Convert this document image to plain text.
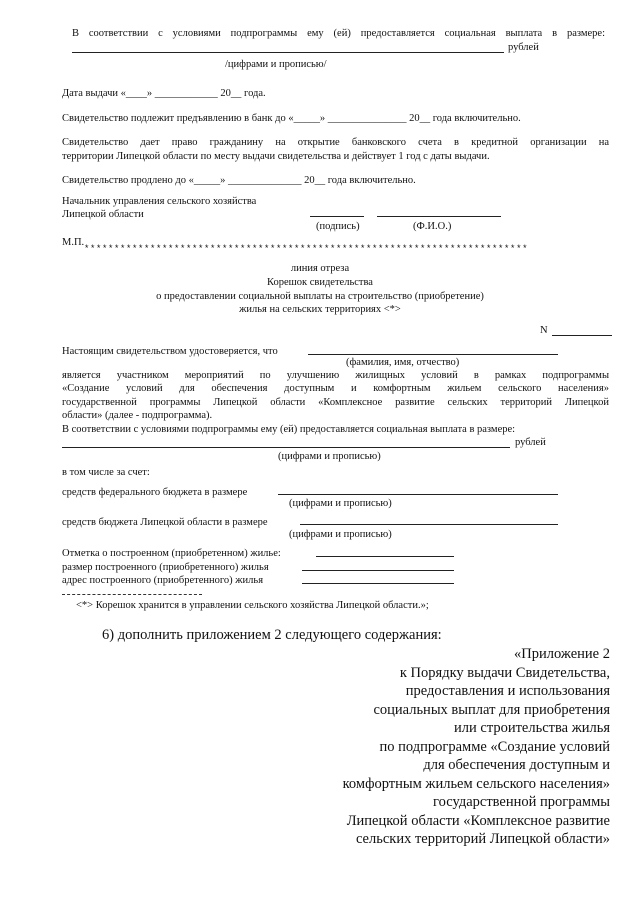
В соответствии с условиями подпрограммы ему (ей) предоставляется социальная выплата в размере:
рублей
/цифрами и прописью/
Дата выдачи «____» ____________ 20__ года.
Свидетельство подлежит предъявлению в банк до «_____» _______________ 20__ года включительно.
Свидетельство дает право гражданину на открытие банковского счета в кредитной организации на
территории Липецкой области по месту выдачи свидетельства и действует 1 год с даты выдачи.
Свидетельство продлено до «_____» ______________ 20__ года включительно.
Начальник управления сельского хозяйства
Липецкой области
(подпись)	(Ф.И.О.)
М.П.
**************************************************************************
линия отреза
Корешок свидетельства
о предоставлении социальной выплаты на строительство (приобретение)
жилья на сельских территориях <*>
N
Настоящим свидетельством удостоверяется, что
(фамилия, имя, отчество)
является участником мероприятий по улучшению жилищных условий в рамках подпрограммы
«Создание условий для обеспечения доступным и комфортным жильем сельского населения»
государственной программы Липецкой области «Комплексное развитие сельских территорий Липецкой
области» (далее - подпрограмма).
В соответствии с условиями подпрограммы ему (ей) предоставляется социальная выплата в размере:
рублей
(цифрами и прописью)
в том числе за счет:
средств федерального бюджета в размере
(цифрами и прописью)
средств бюджета Липецкой области в размере
(цифрами и прописью)
Отметка о построенном (приобретенном) жилье:
размер построенного (приобретенного) жилья
адрес построенного (приобретенного) жилья
<*> Корешок хранится в управлении сельского хозяйства Липецкой области.»;
6) дополнить приложением 2 следующего содержания:
«Приложение 2
к Порядку выдачи Свидетельства,
предоставления и использования
социальных выплат для приобретения
или строительства жилья
по подпрограмме «Создание условий
для обеспечения доступным и
комфортным жильем сельского населения»
государственной программы
Липецкой области «Комплексное развитие
сельских территорий Липецкой области»
